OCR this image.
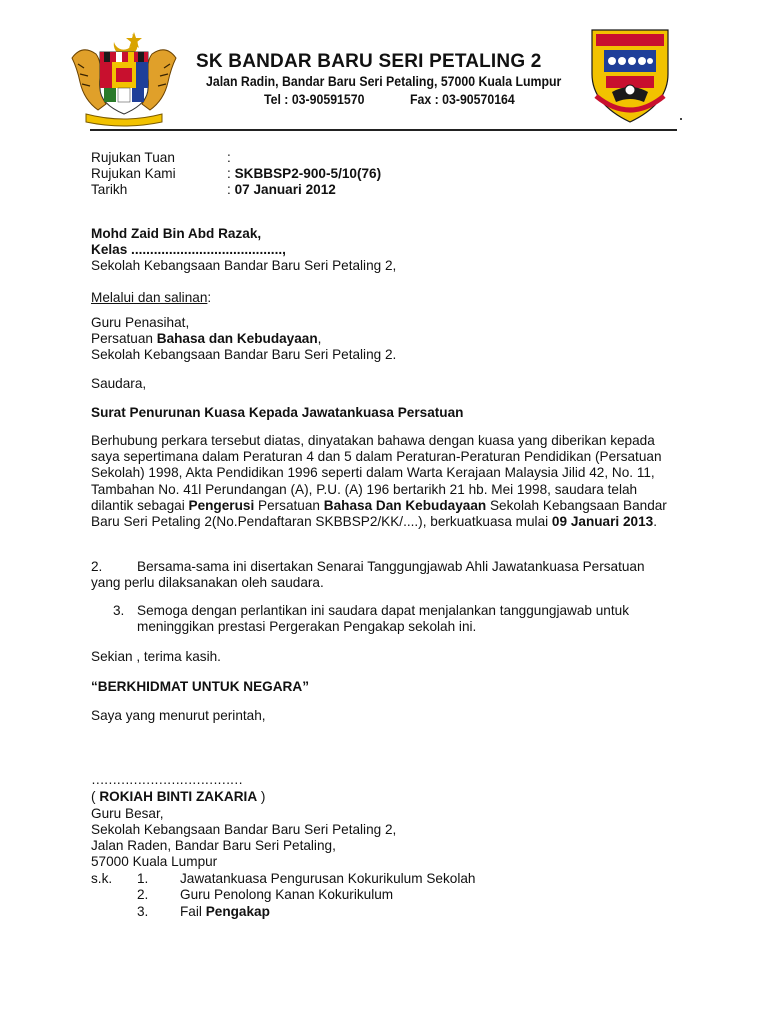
SK BANDAR BARU SERI PETALING 2
Jalan Radin, Bandar Baru Seri Petaling, 57000 Kuala Lumpur
Tel : 03-90591570	Fax : 03-90570164
Rujukan Tuan	:
Rujukan Kami	: SKBBSP2-900-5/10(76)
Tarikh	: 07 Januari 2012
Mohd Zaid Bin Abd Razak,
Kelas ........................................,
Sekolah Kebangsaan Bandar Baru Seri Petaling 2,
Melalui dan salinan:
Guru Penasihat,
Persatuan Bahasa dan Kebudayaan,
Sekolah Kebangsaan Bandar Baru Seri Petaling 2.
Saudara,
Surat Penurunan Kuasa Kepada Jawatankuasa Persatuan
Berhubung perkara tersebut diatas, dinyatakan bahawa dengan kuasa yang diberikan kepada saya sepertimana dalam Peraturan 4 dan 5 dalam Peraturan-Peraturan Pendidikan (Persatuan Sekolah) 1998, Akta Pendidikan 1996 seperti dalam Warta Kerajaan Malaysia Jilid 42, No. 11, Tambahan No. 41l Perundangan (A), P.U. (A) 196 bertarikh 21 hb. Mei 1998, saudara telah dilantik sebagai Pengerusi Persatuan Bahasa Dan Kebudayaan Sekolah Kebangsaan Bandar Baru Seri Petaling 2(No.Pendaftaran SKBBSP2/KK/....), berkuatkuasa mulai 09 Januari 2013.
2.	Bersama-sama ini disertakan Senarai Tanggungjawab Ahli Jawatankuasa Persatuan
yang perlu dilaksanakan oleh saudara.
3. Semoga dengan perlantikan ini saudara dapat menjalankan tanggungjawab untuk
meninggikan prestasi Pergerakan Pengakap sekolah ini.
Sekian , terima kasih.
“BERKHIDMAT UNTUK NEGARA”
Saya yang menurut perintah,
………………………………
( ROKIAH BINTI ZAKARIA )
Guru Besar,
Sekolah Kebangsaan Bandar Baru Seri Petaling 2,
Jalan Raden, Bandar Baru Seri Petaling,
57000 Kuala Lumpur
s.k. 1. Jawatankuasa Pengurusan Kokurikulum Sekolah
2. Guru Penolong Kanan Kokurikulum
3. Fail Pengakap
